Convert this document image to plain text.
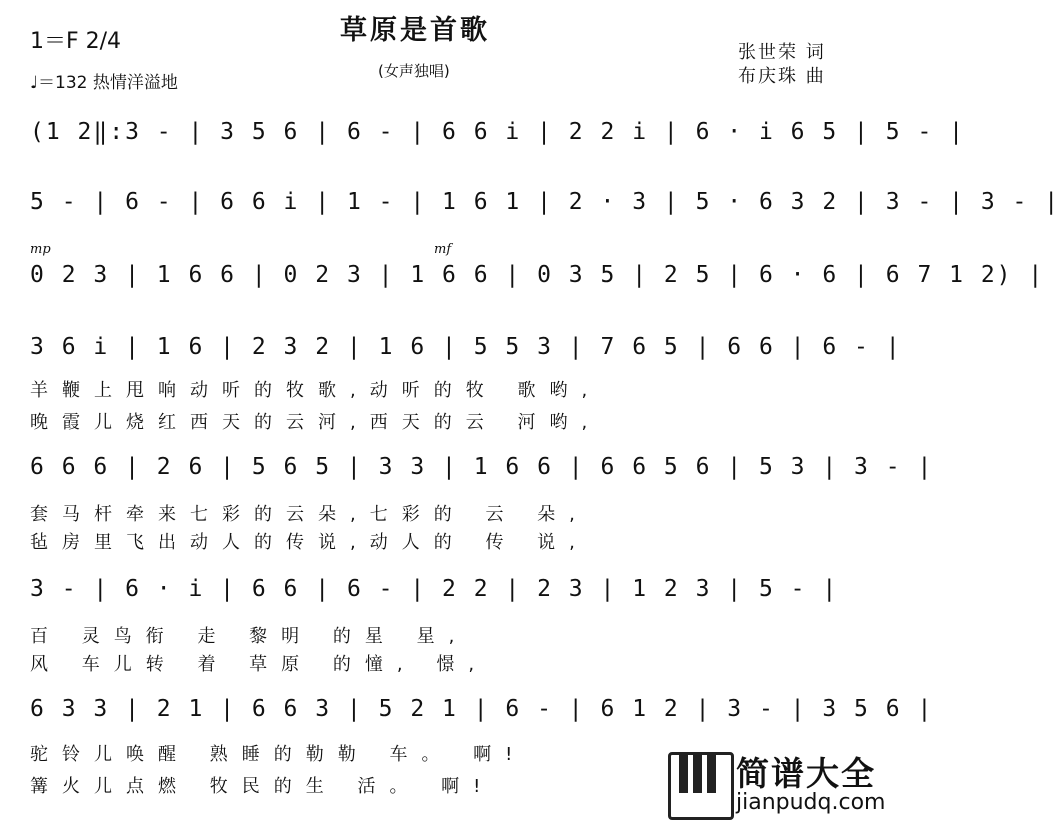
草原是首歌
(女声独唱)
1＝F 2/4
♩＝132 热情洋溢地
张世荣 词
布庆珠 曲
(1 2‖:3 - | 3 5 6 | 6 - | 6 6 i | 2 2 i | 6 · i 6 5 | 5 - |
5 - | 6 - | 6 6 i | 1 - | 1 6 1 | 2 · 3 | 5 · 6 3 2 | 3 - | 3 - |
mp	mf
0 2 3 | 1 6 6 | 0 2 3 | 1 6 6 | 0 3 5 | 2 5 | 6 · 6 | 6 7 1 2) |
3 6 i | 1 6 | 2 3 2 | 1 6 | 5 5 3 | 7 6 5 | 6 6 | 6 - |
羊鞭上甩响动听的牧歌,动听的牧 歌哟,
晚霞儿烧红西天的云河,西天的云 河哟,
6 6 6 | 2 6 | 5 6 5 | 3 3 | 1 6 6 | 6 6 5 6 | 5 3 | 3 - |
套马杆牵来七彩的云朵,七彩的 云 朵,
毡房里飞出动人的传说,动人的 传 说,
3 - | 6 · i | 6 6 | 6 - | 2 2 | 2 3 | 1 2 3 | 5 - |
百 灵鸟衔 走 黎明 的星 星,
风 车儿转 着 草原 的憧, 憬,
6 3 3 | 2 1 | 6 6 3 | 5 2 1 | 6 - | 6 1 2 | 3 - | 3 5 6 |
驼铃儿唤醒 熟睡的勒勒 车。 啊!
篝火儿点燃 牧民的生 活。 啊!	简谱大全
jianpudq.com
